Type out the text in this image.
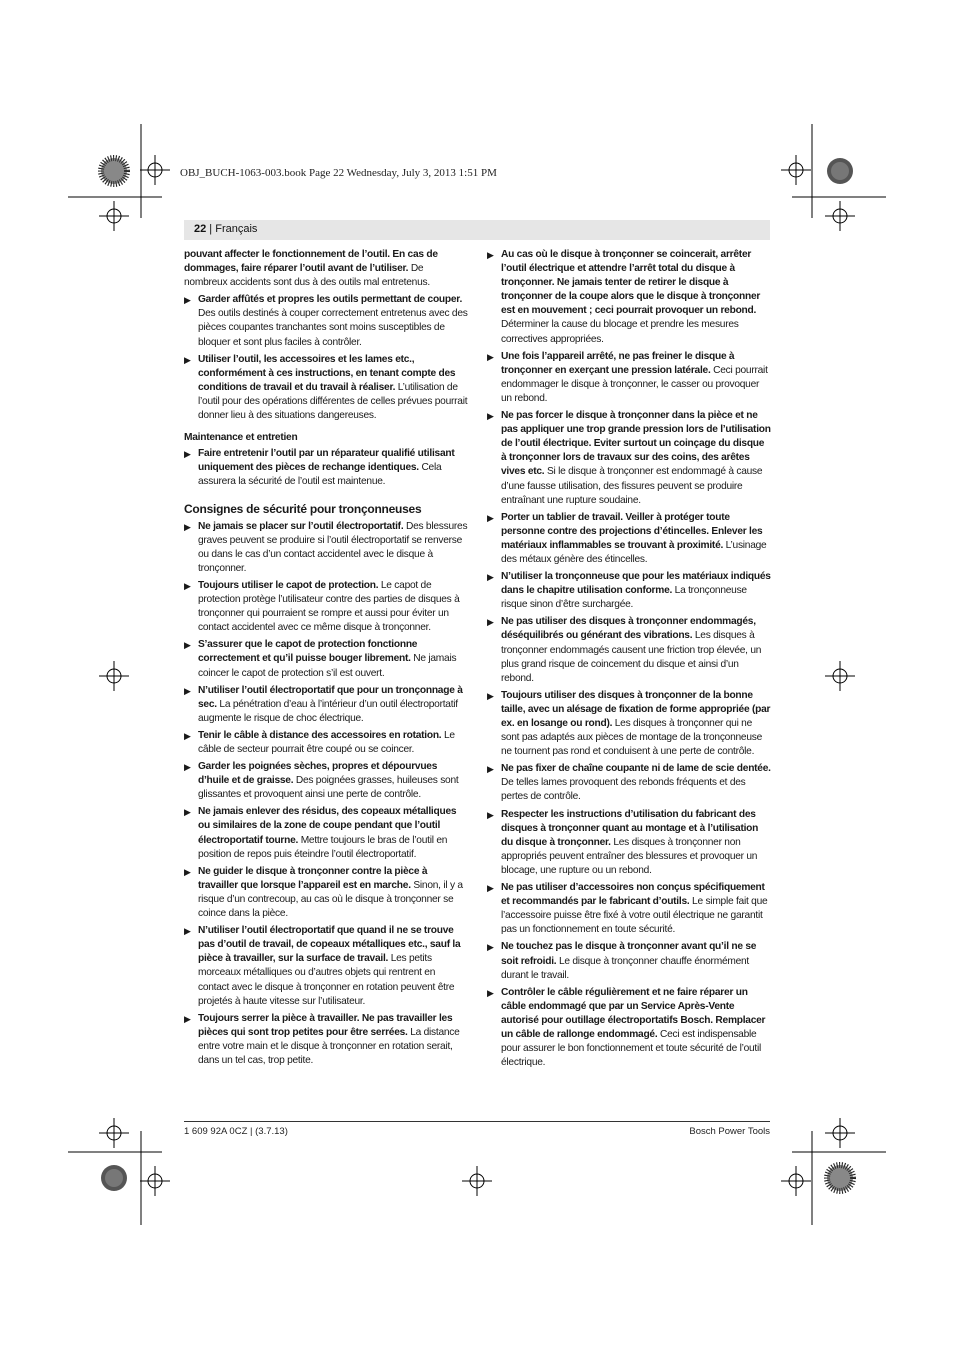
OBJ_BUCH-1063-003.book Page 22 Wednesday, July 3, 2013 1:51 PM
22 | Français

pouvant affecter le fonctionnement de l’outil. En cas de dommages, faire réparer l’outil avant de l’utiliser. De nombreux accidents sont dus à des outils mal entretenus.

▶ Garder affûtés et propres les outils permettant de couper. Des outils destinés à couper correctement entretenus avec des pièces coupantes tranchantes sont moins susceptibles de bloquer et sont plus faciles à contrôler.
▶ Utiliser l’outil, les accessoires et les lames etc., conformément à ces instructions, en tenant compte des conditions de travail et du travail à réaliser. L’utilisation de l’outil pour des opérations différentes de celles prévues pourrait donner lieu à des situations dangereuses.
Maintenance et entretien
▶ Faire entretenir l’outil par un réparateur qualifié utilisant uniquement des pièces de rechange identiques. Cela assurera la sécurité de l’outil est maintenue.
Consignes de sécurité pour tronçonneuses
▶ Ne jamais se placer sur l’outil électroportatif. Des blessures graves peuvent se produire si l’outil électroportatif se renverse ou dans le cas d’un contact accidentel avec le disque à tronçonner.
▶ Toujours utiliser le capot de protection. Le capot de protection protège l’utilisateur contre des parties de disques à tronçonner qui pourraient se rompre et aussi pour éviter un contact accidentel avec ce même disque à tronçonner.
▶ S’assurer que le capot de protection fonctionne correctement et qu’il puisse bouger librement. Ne jamais coincer le capot de protection s’il est ouvert.
▶ N’utiliser l’outil électroportatif que pour un tronçonnage à sec. La pénétration d’eau à l’intérieur d’un outil électroportatif augmente le risque de choc électrique.
▶ Tenir le câble à distance des accessoires en rotation. Le câble de secteur pourrait être coupé ou se coincer.
▶ Garder les poignées sèches, propres et dépourvues d’huile et de graisse. Des poignées grasses, huileuses sont glissantes et provoquent ainsi une perte de contrôle.
▶ Ne jamais enlever des résidus, des copeaux métalliques ou similaires de la zone de coupe pendant que l’outil électroportatif tourne. Mettre toujours le bras de l’outil en position de repos puis éteindre l’outil électroportatif.
▶ Ne guider le disque à tronçonner contre la pièce à travailler que lorsque l’appareil est en marche. Sinon, il y a risque d’un contrecoup, au cas où le disque à tronçonner se coince dans la pièce.
▶ N’utiliser l’outil électroportatif que quand il ne se trouve pas d’outil de travail, de copeaux métalliques etc., sauf la pièce à travailler, sur la surface de travail. Les petits morceaux métalliques ou d’autres objets qui rentrent en contact avec le disque à tronçonner en rotation peuvent être projetés à haute vitesse sur l’utilisateur.
▶ Toujours serrer la pièce à travailler. Ne pas travailler les pièces qui sont trop petites pour être serrées. La distance entre votre main et le disque à tronçonner en rotation serait, dans un tel cas, trop petite.
▶ Au cas où le disque à tronçonner se coincerait, arrêter l’outil électrique et attendre l’arrêt total du disque à tronçonner. Ne jamais tenter de retirer le disque à tronçonner de la coupe alors que le disque à tronçonner est en mouvement ; ceci pourrait provoquer un rebond. Déterminer la cause du blocage et prendre les mesures correctives appropriées.
▶ Une fois l’appareil arrêté, ne pas freiner le disque à tronçonner en exerçant une pression latérale. Ceci pourrait endommager le disque à tronçonner, le casser ou provoquer un rebond.
▶ Ne pas forcer le disque à tronçonner dans la pièce et ne pas appliquer une trop grande pression lors de l’utilisation de l’outil électrique. Eviter surtout un coinçage du disque à tronçonner lors de travaux sur des coins, des arêtes vives etc. Si le disque à tronçonner est endommagé à cause d’une fausse utilisation, des fissures peuvent se produire entraînant une rupture soudaine.
▶ Porter un tablier de travail. Veiller à protéger toute personne contre des projections d’étincelles. Enlever les matériaux inflammables se trouvant à proximité. L’usinage des métaux génère des étincelles.
▶ N’utiliser la tronçonneuse que pour les matériaux indiqués dans le chapitre utilisation conforme. La tronçonneuse risque sinon d’être surchargée.
▶ Ne pas utiliser des disques à tronçonner endommagés, déséquilibrés ou générant des vibrations. Les disques à tronçonner endommagés causent une friction trop élevée, un plus grand risque de coincement du disque et ainsi d’un rebond.
▶ Toujours utiliser des disques à tronçonner de la bonne taille, avec un alésage de fixation de forme appropriée (par ex. en losange ou rond). Les disques à tronçonner qui ne sont pas adaptés aux pièces de montage de la tronçonneuse ne tournent pas rond et conduisent à une perte de contrôle.
▶ Ne pas fixer de chaîne coupante ni de lame de scie dentée. De telles lames provoquent des rebonds fréquents et des pertes de contrôle.
▶ Respecter les instructions d’utilisation du fabricant des disques à tronçonner quant au montage et à l’utilisation du disque à tronçonner. Les disques à tronçonner non appropriés peuvent entraîner des blessures et provoquer un blocage, une rupture ou un rebond.
▶ Ne pas utiliser d’accessoires non conçus spécifiquement et recommandés par le fabricant d’outils. Le simple fait que l’accessoire puisse être fixé à votre outil électrique ne garantit pas un fonctionnement en toute sécurité.
▶ Ne touchez pas le disque à tronçonner avant qu’il ne se soit refroidi. Le disque à tronçonner chauffe énormément durant le travail.
▶ Contrôler le câble régulièrement et ne faire réparer un câble endommagé que par un Service Après-Vente autorisé pour outillage électroportatifs Bosch. Remplacer un câble de rallonge endommagé. Ceci est indispensable pour assurer le bon fonctionnement et toute sécurité de l’outil électrique.
1 609 92A 0CZ | (3.7.13)	Bosch Power Tools
